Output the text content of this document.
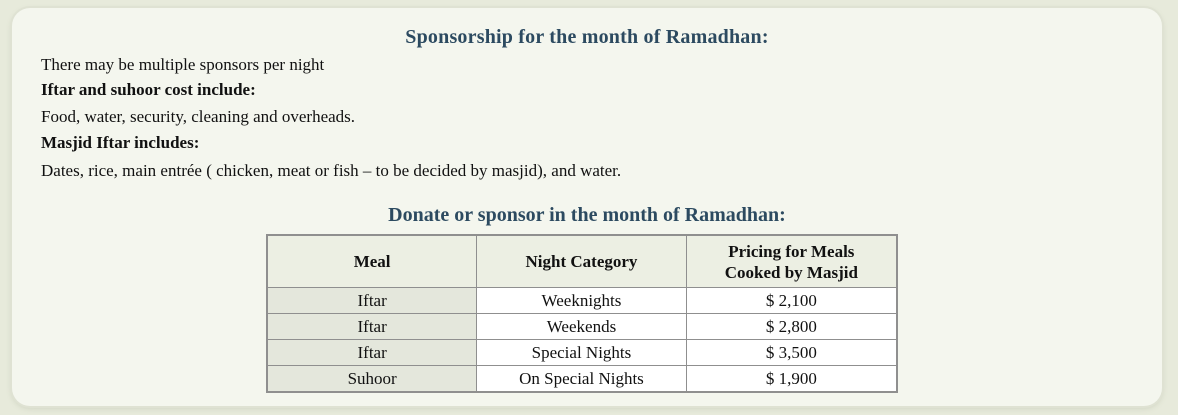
Sponsorship for the month of Ramadhan:
There may be multiple sponsors per night
Iftar and suhoor cost include:
Food, water, security, cleaning and overheads.
Masjid Iftar includes:
Dates, rice, main entrée ( chicken, meat or fish – to be decided by masjid), and water.
Donate or sponsor in the month of Ramadhan:
Meal	Night Category	Pricing for Meals
Cooked by Masjid
Iftar	Weeknights	$ 2,100
Iftar	Weekends	$ 2,800
Iftar	Special Nights	$ 3,500
Suhoor	On Special Nights	$ 1,900
